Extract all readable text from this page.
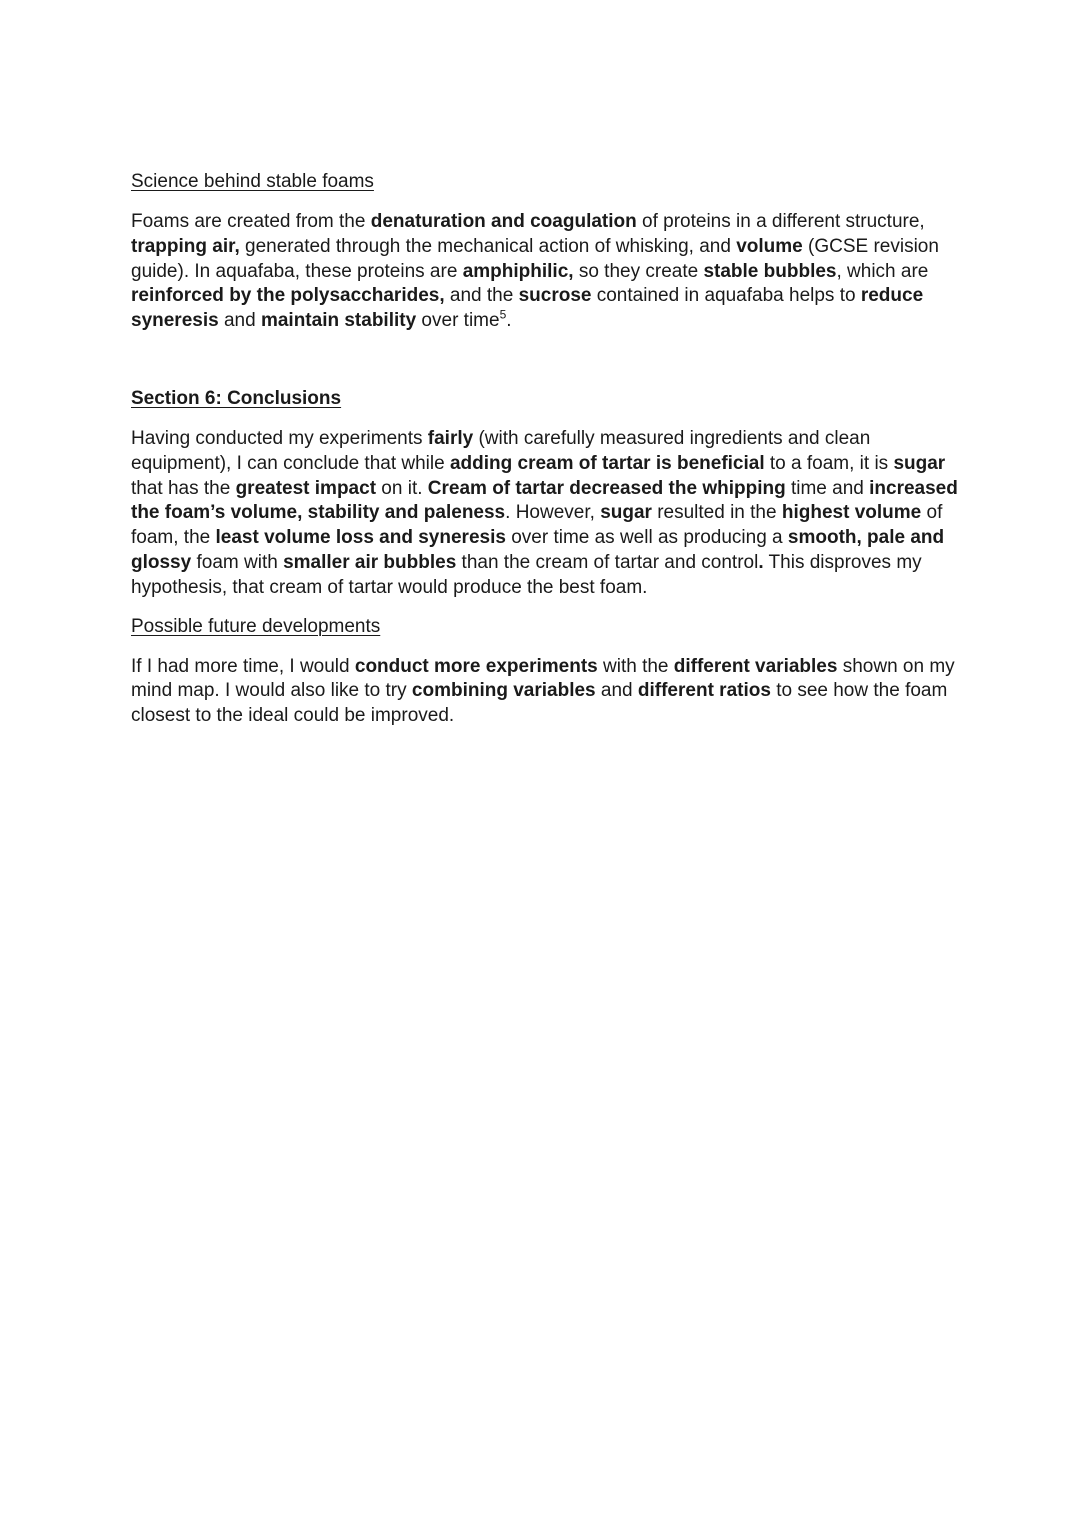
Science behind stable foams

Foams are created from the denaturation and coagulation of proteins in a different structure, trapping air, generated through the mechanical action of whisking, and volume (GCSE revision guide). In aquafaba, these proteins are amphiphilic, so they create stable bubbles, which are reinforced by the polysaccharides, and the sucrose contained in aquafaba helps to reduce syneresis and maintain stability over time$^5$.

Section 6: Conclusions

Having conducted my experiments fairly (with carefully measured ingredients and clean equipment), I can conclude that while adding cream of tartar is beneficial to a foam, it is sugar that has the greatest impact on it. Cream of tartar decreased the whipping time and increased the foam’s volume, stability and paleness. However, sugar resulted in the highest volume of foam, the least volume loss and syneresis over time as well as producing a smooth, pale and glossy foam with smaller air bubbles than the cream of tartar and control. This disproves my hypothesis, that cream of tartar would produce the best foam.

Possible future developments

If I had more time, I would conduct more experiments with the different variables shown on my mind map. I would also like to try combining variables and different ratios to see how the foam closest to the ideal could be improved.
